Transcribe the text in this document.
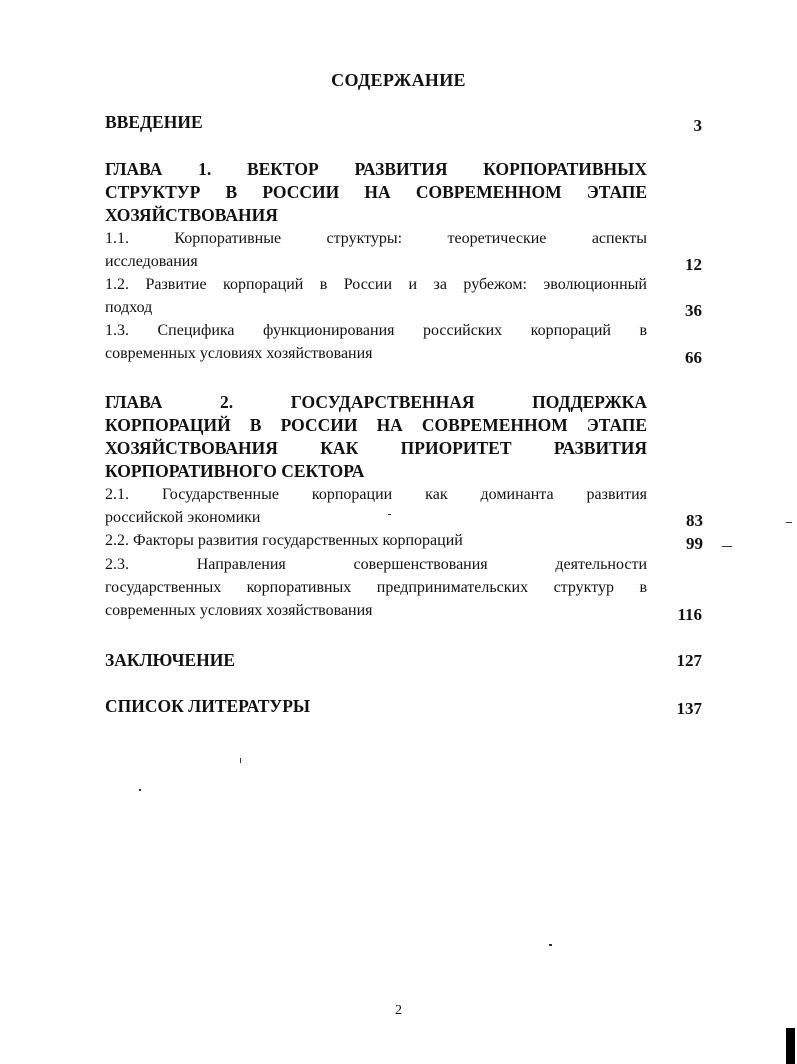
СОДЕРЖАНИЕ
ВВЕДЕНИЕ	3
ГЛАВА 1. ВЕКТОР РАЗВИТИЯ КОРПОРАТИВНЫХ
СТРУКТУР В РОССИИ НА СОВРЕМЕННОМ ЭТАПЕ
ХОЗЯЙСТВОВАНИЯ
1.1. Корпоративные структуры: теоретические аспекты
исследования	12
1.2. Развитие корпораций в России и за рубежом: эволюционный
подход	36
1.3. Специфика функционирования российских корпораций в
современных условиях хозяйствования	66
ГЛАВА 2. ГОСУДАРСТВЕННАЯ ПОДДЕРЖКА
КОРПОРАЦИЙ В РОССИИ НА СОВРЕМЕННОМ ЭТАПЕ
ХОЗЯЙСТВОВАНИЯ КАК ПРИОРИТЕТ РАЗВИТИЯ
КОРПОРАТИВНОГО СЕКТОРА
2.1. Государственные корпорации как доминанта развития
российской экономики	83
2.2. Факторы развития государственных корпораций	99
2.3. Направления совершенствования деятельности
государственных корпоративных предпринимательских структур в
современных условиях хозяйствования	116
ЗАКЛЮЧЕНИЕ	127
СПИСОК ЛИТЕРАТУРЫ	137
2
